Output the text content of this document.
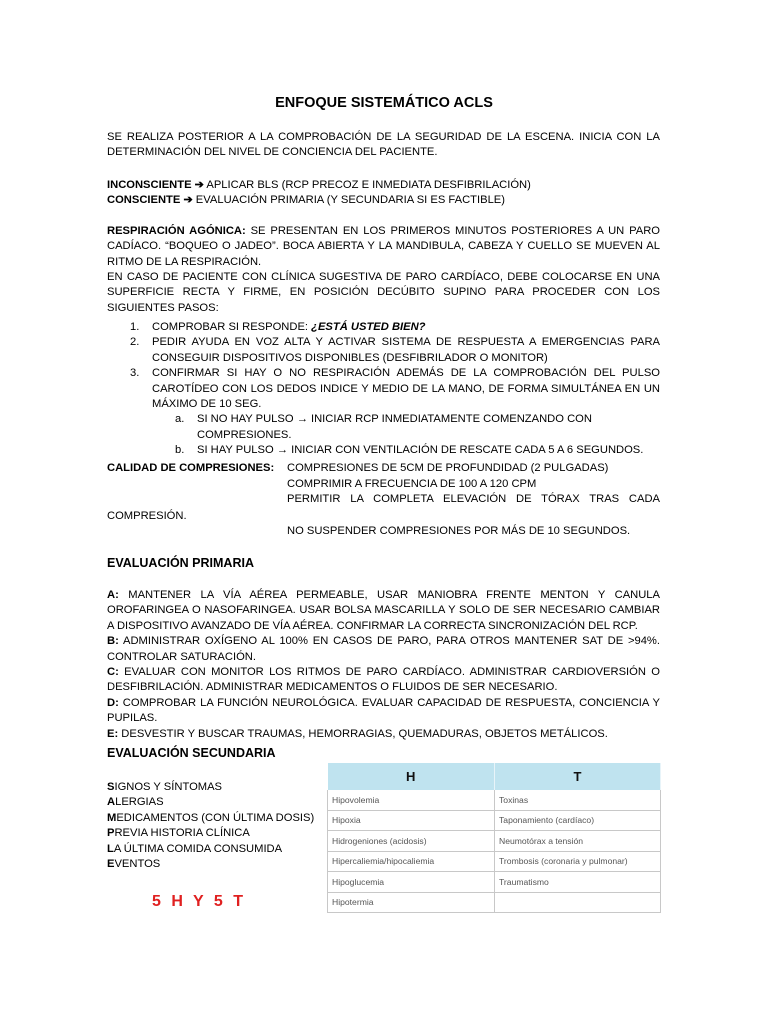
ENFOQUE SISTEMÁTICO ACLS
SE REALIZA POSTERIOR A LA COMPROBACIÓN DE LA SEGURIDAD DE LA ESCENA. INICIA CON LA DETERMINACIÓN DEL NIVEL DE CONCIENCIA DEL PACIENTE.
INCONSCIENTE ➔ APLICAR BLS (RCP PRECOZ E INMEDIATA DESFIBRILACIÓN)
CONSCIENTE ➔ EVALUACIÓN PRIMARIA (Y SECUNDARIA SI ES FACTIBLE)
RESPIRACIÓN AGÓNICA: SE PRESENTAN EN LOS PRIMEROS MINUTOS POSTERIORES A UN PARO CADÍACO. “BOQUEO O JADEO”. BOCA ABIERTA Y LA MANDIBULA, CABEZA Y CUELLO SE MUEVEN AL RITMO DE LA RESPIRACIÓN.
EN CASO DE PACIENTE CON CLÍNICA SUGESTIVA DE PARO CARDÍACO, DEBE COLOCARSE EN UNA SUPERFICIE RECTA Y FIRME, EN POSICIÓN DECÚBITO SUPINO PARA PROCEDER CON LOS SIGUIENTES PASOS:
1. COMPROBAR SI RESPONDE: ¿ESTÁ USTED BIEN?
2. PEDIR AYUDA EN VOZ ALTA Y ACTIVAR SISTEMA DE RESPUESTA A EMERGENCIAS PARA CONSEGUIR DISPOSITIVOS DISPONIBLES (DESFIBRILADOR O MONITOR)
3. CONFIRMAR SI HAY O NO RESPIRACIÓN ADEMÁS DE LA COMPROBACIÓN DEL PULSO CAROTÍDEO CON LOS DEDOS INDICE Y MEDIO DE LA MANO, DE FORMA SIMULTÁNEA EN UN MÁXIMO DE 10 SEG.
a. SI NO HAY PULSO → INICIAR RCP INMEDIATAMENTE COMENZANDO CON COMPRESIONES.
b. SI HAY PULSO → INICIAR CON VENTILACIÓN DE RESCATE CADA 5 A 6 SEGUNDOS.
CALIDAD DE COMPRESIONES: COMPRESIONES DE 5CM DE PROFUNDIDAD (2 PULGADAS)
COMPRIMIR A FRECUENCIA DE 100 A 120 CPM
PERMITIR LA COMPLETA ELEVACIÓN DE TÓRAX TRAS CADA
COMPRESIÓN.
NO SUSPENDER COMPRESIONES POR MÁS DE 10 SEGUNDOS.
EVALUACIÓN PRIMARIA
A: MANTENER LA VÍA AÉREA PERMEABLE, USAR MANIOBRA FRENTE MENTON Y CANULA OROFARINGEA O NASOFARINGEA. USAR BOLSA MASCARILLA Y SOLO DE SER NECESARIO CAMBIAR A DISPOSITIVO AVANZADO DE VÍA AÉREA. CONFIRMAR LA CORRECTA SINCRONIZACIÓN DEL RCP.
B: ADMINISTRAR OXÍGENO AL 100% EN CASOS DE PARO, PARA OTROS MANTENER SAT DE >94%. CONTROLAR SATURACIÓN.
C: EVALUAR CON MONITOR LOS RITMOS DE PARO CARDÍACO. ADMINISTRAR CARDIOVERSIÓN O DESFIBRILACIÓN. ADMINISTRAR MEDICAMENTOS O FLUIDOS DE SER NECESARIO.
D: COMPROBAR LA FUNCIÓN NEUROLÓGICA. EVALUAR CAPACIDAD DE RESPUESTA, CONCIENCIA Y PUPILAS.
E: DESVESTIR Y BUSCAR TRAUMAS, HEMORRAGIAS, QUEMADURAS, OBJETOS METÁLICOS.
EVALUACIÓN SECUNDARIA
SIGNOS Y SÍNTOMAS
ALERGIAS
MEDICAMENTOS (CON ÚLTIMA DOSIS)
PREVIA HISTORIA CLÍNICA
LA ÚLTIMA COMIDA CONSUMIDA
EVENTOS
5 H Y 5 T
H	T
Hipovolemia	Toxinas
Hipoxia	Taponamiento (cardíaco)
Hidrogeniones (acidosis)	Neumotórax a tensión
Hipercaliemia/hipocaliemia	Trombosis (coronaria y pulmonar)
Hipoglucemia	Traumatismo
Hipotermia	
